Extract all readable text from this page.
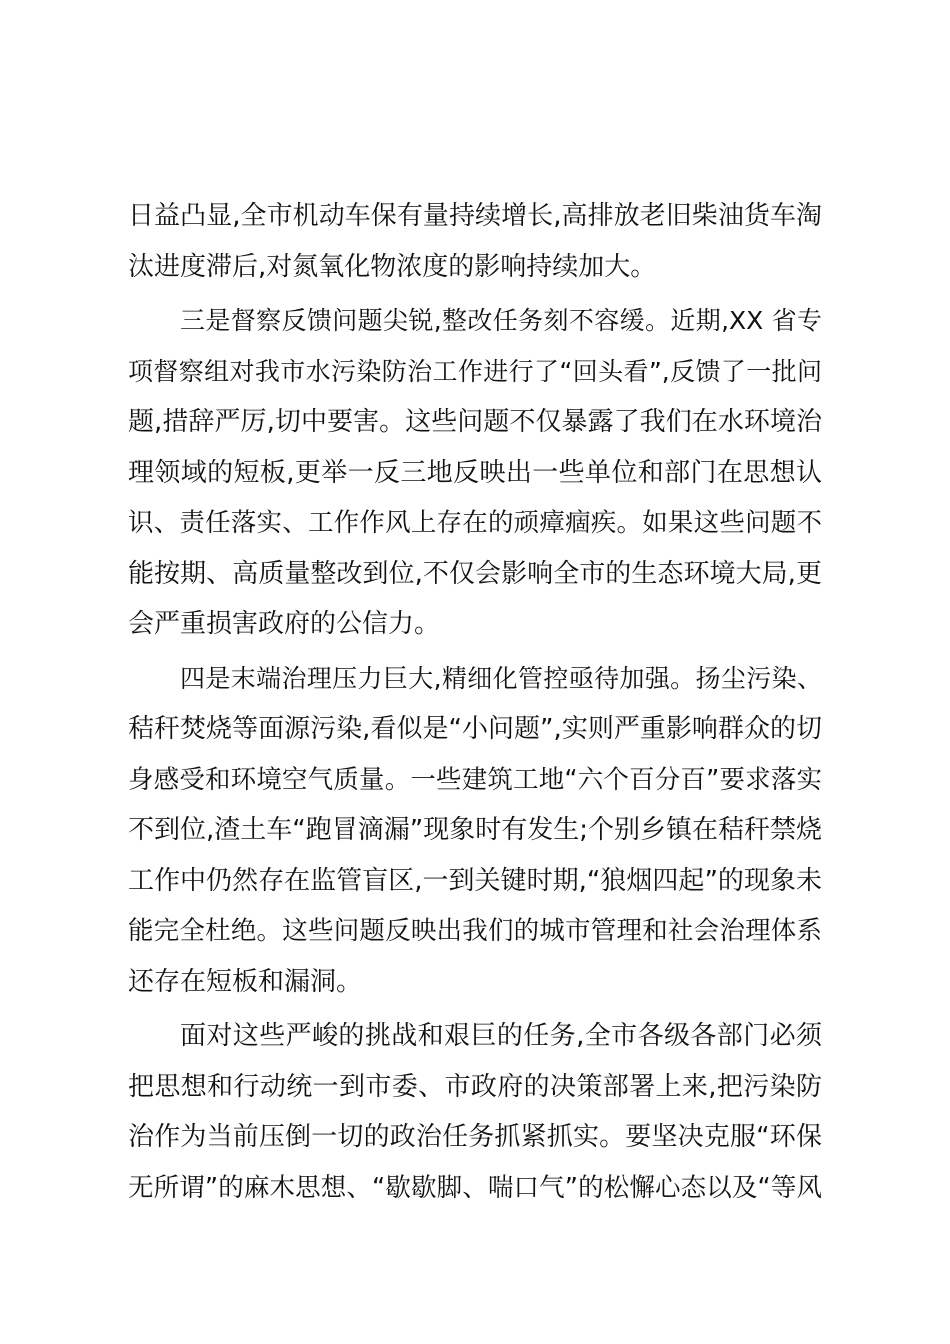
日益凸显,全市机动车保有量持续增长,高排放老旧柴油货车淘
汰进度滞后,对氮氧化物浓度的影响持续加大。
三是督察反馈问题尖锐,整改任务刻不容缓。近期,XX 省专
项督察组对我市水污染防治工作进行了“回头看”,反馈了一批问
题,措辞严厉,切中要害。这些问题不仅暴露了我们在水环境治
理领域的短板,更举一反三地反映出一些单位和部门在思想认
识、责任落实、工作作风上存在的顽瘴痼疾。如果这些问题不
能按期、高质量整改到位,不仅会影响全市的生态环境大局,更
会严重损害政府的公信力。
四是末端治理压力巨大,精细化管控亟待加强。扬尘污染、
秸秆焚烧等面源污染,看似是“小问题”,实则严重影响群众的切
身感受和环境空气质量。一些建筑工地“六个百分百”要求落实
不到位,渣土车“跑冒滴漏”现象时有发生;个别乡镇在秸秆禁烧
工作中仍然存在监管盲区,一到关键时期,“狼烟四起”的现象未
能完全杜绝。这些问题反映出我们的城市管理和社会治理体系
还存在短板和漏洞。
面对这些严峻的挑战和艰巨的任务,全市各级各部门必须
把思想和行动统一到市委、市政府的决策部署上来,把污染防
治作为当前压倒一切的政治任务抓紧抓实。要坚决克服“环保
无所谓”的麻木思想、“歇歇脚、喘口气”的松懈心态以及“等风
